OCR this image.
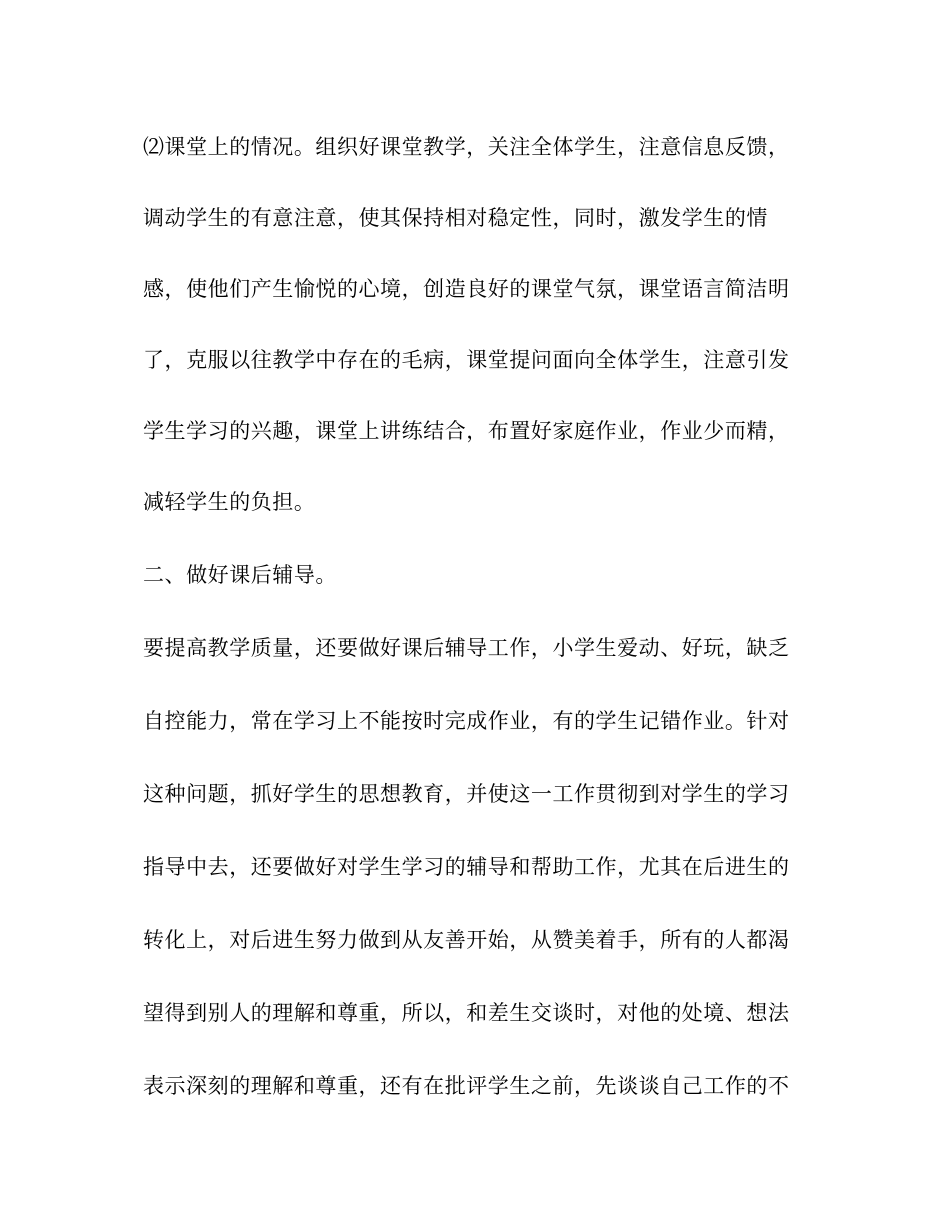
⑵课堂上的情况。组织好课堂教学，关注全体学生，注意信息反馈，
调动学生的有意注意，使其保持相对稳定性，同时，激发学生的情
感，使他们产生愉悦的心境，创造良好的课堂气氛，课堂语言简洁明
了，克服以往教学中存在的毛病，课堂提问面向全体学生，注意引发
学生学习的兴趣，课堂上讲练结合，布置好家庭作业，作业少而精，
减轻学生的负担。
二、做好课后辅导。
要提高教学质量，还要做好课后辅导工作，小学生爱动、好玩，缺乏
自控能力，常在学习上不能按时完成作业，有的学生记错作业。针对
这种问题，抓好学生的思想教育，并使这一工作贯彻到对学生的学习
指导中去，还要做好对学生学习的辅导和帮助工作，尤其在后进生的
转化上，对后进生努力做到从友善开始，从赞美着手，所有的人都渴
望得到别人的理解和尊重，所以，和差生交谈时，对他的处境、想法
表示深刻的理解和尊重，还有在批评学生之前，先谈谈自己工作的不
